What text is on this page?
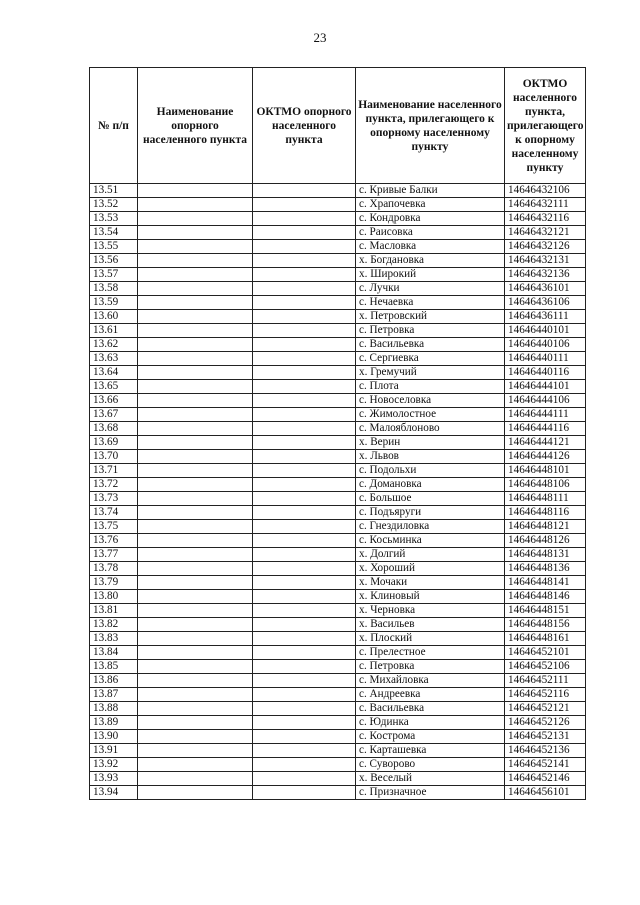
23
№ п/п	Наименование опорного населенного пункта	ОКТМО опорного населенного пункта	Наименование населенного пункта, прилегающего к опорному населенному пункту	ОКТМО населенного пункта, прилегающего к опорному населенному пункту
13.51			с. Кривые Балки	14646432106
13.52			с. Храпочевка	14646432111
13.53			с. Кондровка	14646432116
13.54			с. Раисовка	14646432121
13.55			с. Масловка	14646432126
13.56			х. Богдановка	14646432131
13.57			х. Широкий	14646432136
13.58			с. Лучки	14646436101
13.59			с. Нечаевка	14646436106
13.60			х. Петровский	14646436111
13.61			с. Петровка	14646440101
13.62			с. Васильевка	14646440106
13.63			с. Сергиевка	14646440111
13.64			х. Гремучий	14646440116
13.65			с. Плота	14646444101
13.66			с. Новоселовка	14646444106
13.67			с. Жимолостное	14646444111
13.68			с. Малояблоново	14646444116
13.69			х. Верин	14646444121
13.70			х. Львов	14646444126
13.71			с. Подольхи	14646448101
13.72			с. Домановка	14646448106
13.73			с. Большое	14646448111
13.74			с. Подъяруги	14646448116
13.75			с. Гнездиловка	14646448121
13.76			с. Косьминка	14646448126
13.77			х. Долгий	14646448131
13.78			х. Хороший	14646448136
13.79			х. Мочаки	14646448141
13.80			х. Клиновый	14646448146
13.81			х. Черновка	14646448151
13.82			х. Васильев	14646448156
13.83			х. Плоский	14646448161
13.84			с. Прелестное	14646452101
13.85			с. Петровка	14646452106
13.86			с. Михайловка	14646452111
13.87			с. Андреевка	14646452116
13.88			с. Васильевка	14646452121
13.89			с. Юдинка	14646452126
13.90			с. Кострома	14646452131
13.91			с. Карташевка	14646452136
13.92			с. Суворово	14646452141
13.93			х. Веселый	14646452146
13.94			с. Призначное	14646456101
